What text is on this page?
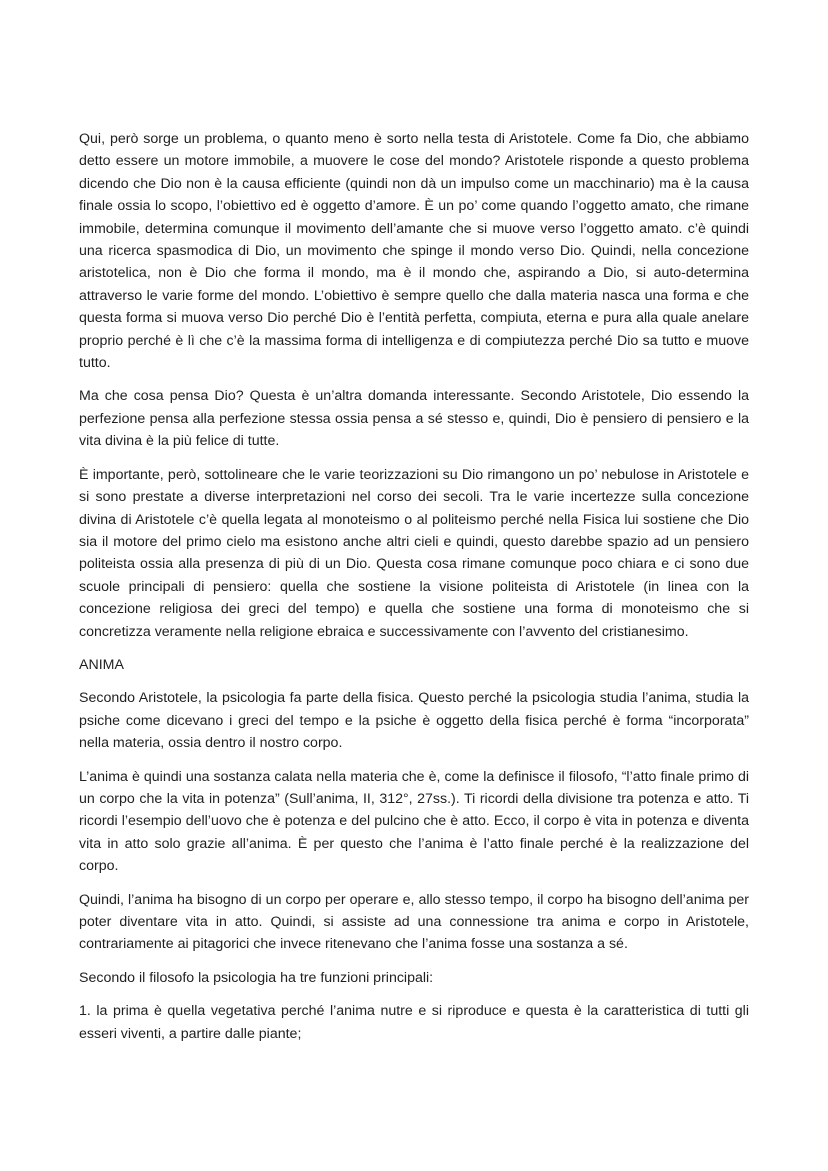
Qui, però sorge un problema, o quanto meno è sorto nella testa di Aristotele. Come fa Dio, che abbiamo detto essere un motore immobile, a muovere le cose del mondo? Aristotele risponde a questo problema dicendo che Dio non è la causa efficiente (quindi non dà un impulso come un macchinario) ma è la causa finale ossia lo scopo, l’obiettivo ed è oggetto d’amore. È un po’ come quando l’oggetto amato, che rimane immobile, determina comunque il movimento dell’amante che si muove verso l’oggetto amato. c’è quindi una ricerca spasmodica di Dio, un movimento che spinge il mondo verso Dio. Quindi, nella concezione aristotelica, non è Dio che forma il mondo, ma è il mondo che, aspirando a Dio, si auto-determina attraverso le varie forme del mondo. L’obiettivo è sempre quello che dalla materia nasca una forma e che questa forma si muova verso Dio perché Dio è l’entità perfetta, compiuta, eterna e pura alla quale anelare proprio perché è lì che c’è la massima forma di intelligenza e di compiutezza perché Dio sa tutto e muove tutto.

Ma che cosa pensa Dio? Questa è un’altra domanda interessante. Secondo Aristotele, Dio essendo la perfezione pensa alla perfezione stessa ossia pensa a sé stesso e, quindi, Dio è pensiero di pensiero e la vita divina è la più felice di tutte.

È importante, però, sottolineare che le varie teorizzazioni su Dio rimangono un po’ nebulose in Aristotele e si sono prestate a diverse interpretazioni nel corso dei secoli. Tra le varie incertezze sulla concezione divina di Aristotele c’è quella legata al monoteismo o al politeismo perché nella Fisica lui sostiene che Dio sia il motore del primo cielo ma esistono anche altri cieli e quindi, questo darebbe spazio ad un pensiero politeista ossia alla presenza di più di un Dio. Questa cosa rimane comunque poco chiara e ci sono due scuole principali di pensiero: quella che sostiene la visione politeista di Aristotele (in linea con la concezione religiosa dei greci del tempo) e quella che sostiene una forma di monoteismo che si concretizza veramente nella religione ebraica e successivamente con l’avvento del cristianesimo.

ANIMA

Secondo Aristotele, la psicologia fa parte della fisica. Questo perché la psicologia studia l’anima, studia la psiche come dicevano i greci del tempo e la psiche è oggetto della fisica perché è forma “incorporata” nella materia, ossia dentro il nostro corpo.

L’anima è quindi una sostanza calata nella materia che è, come la definisce il filosofo, “l’atto finale primo di un corpo che la vita in potenza” (Sull’anima, II, 312°, 27ss.). Ti ricordi della divisione tra potenza e atto. Ti ricordi l’esempio dell’uovo che è potenza e del pulcino che è atto. Ecco, il corpo è vita in potenza e diventa vita in atto solo grazie all’anima. È per questo che l’anima è l’atto finale perché è la realizzazione del corpo.

Quindi, l’anima ha bisogno di un corpo per operare e, allo stesso tempo, il corpo ha bisogno dell’anima per poter diventare vita in atto. Quindi, si assiste ad una connessione tra anima e corpo in Aristotele, contrariamente ai pitagorici che invece ritenevano che l’anima fosse una sostanza a sé.

Secondo il filosofo la psicologia ha tre funzioni principali:

1. la prima è quella vegetativa perché l’anima nutre e si riproduce e questa è la caratteristica di tutti gli esseri viventi, a partire dalle piante;
